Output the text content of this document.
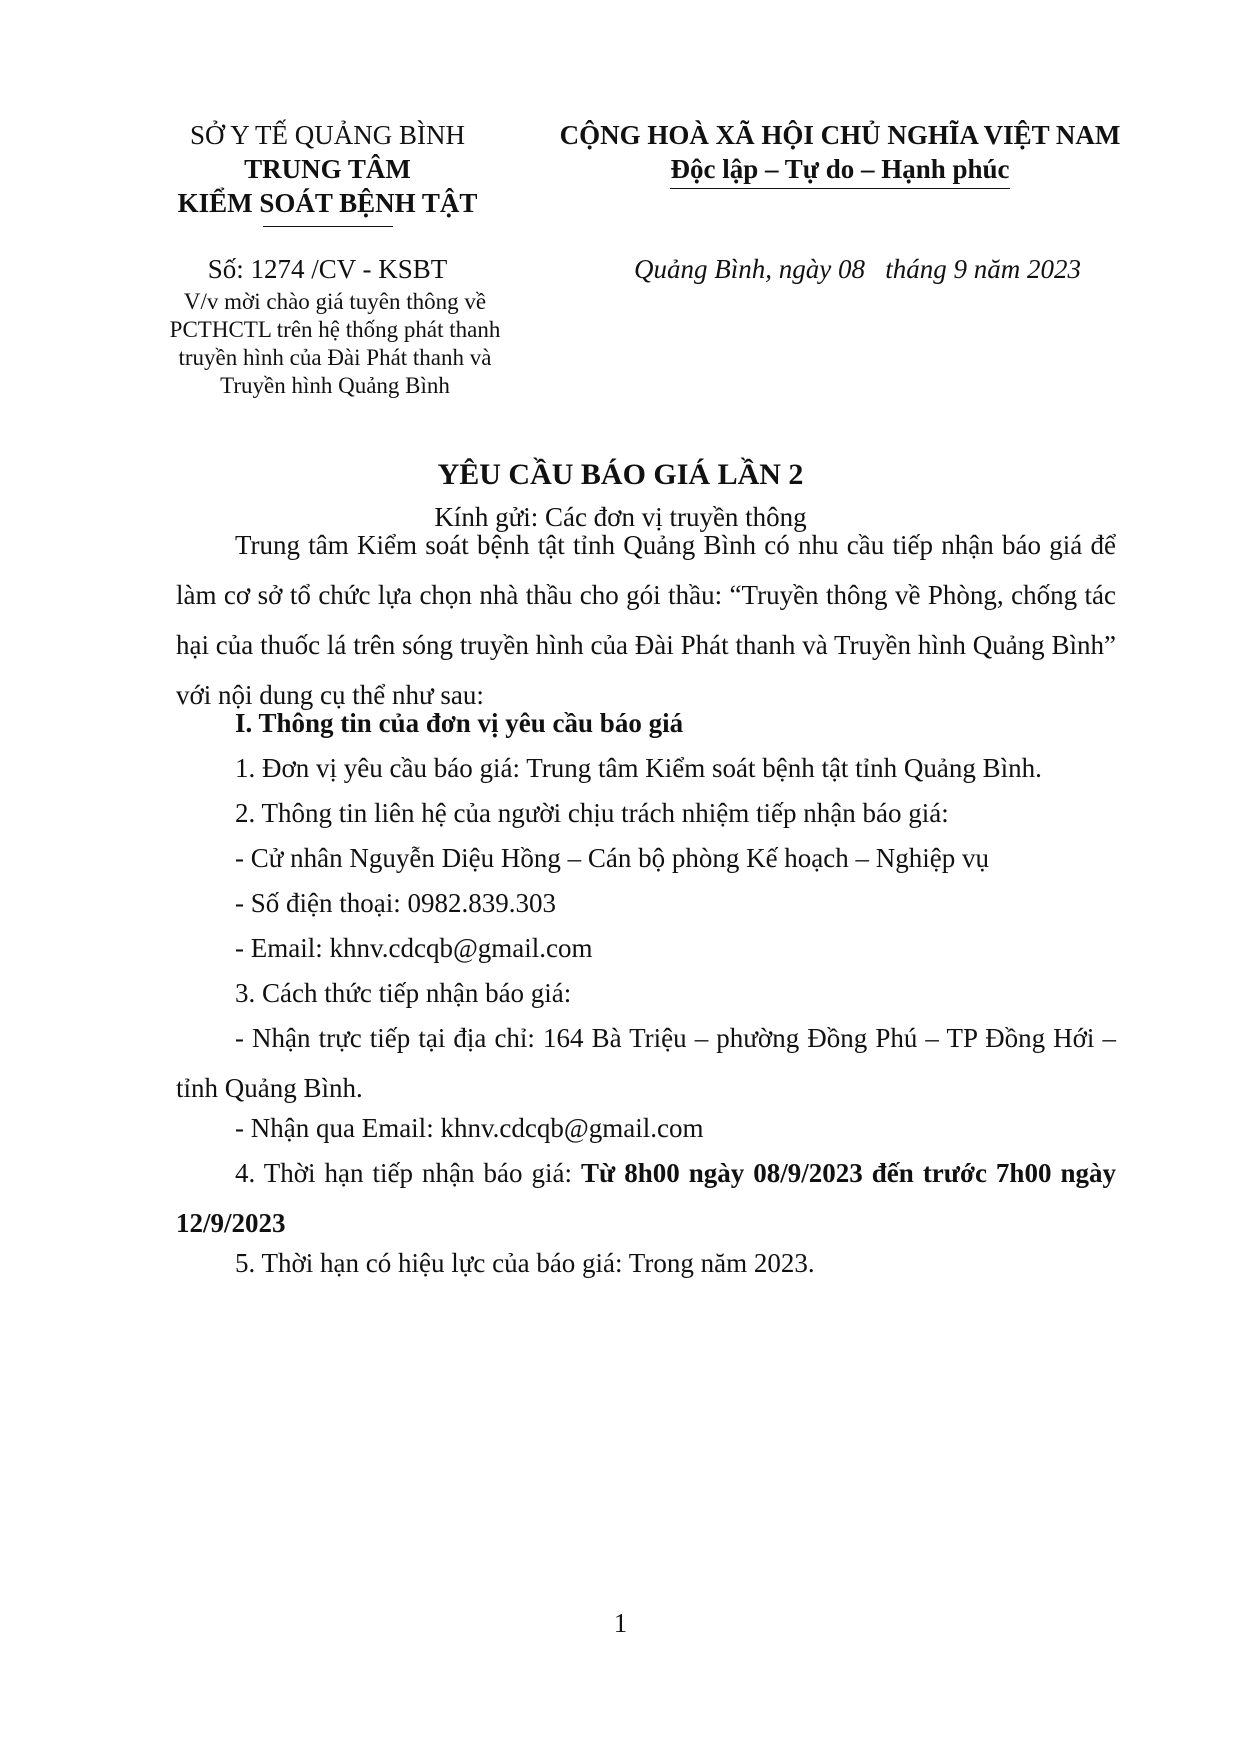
SỞ Y TẾ QUẢNG BÌNH
TRUNG TÂM
KIỂM SOÁT BỆNH TẬT
CỘNG HOÀ XÃ HỘI CHỦ NGHĨA VIỆT NAM
Độc lập – Tự do – Hạnh phúc
Số: 1274 /CV - KSBT
V/v mời chào giá tuyên thông về
PCTHCTL trên hệ thống phát thanh
truyền hình của Đài Phát thanh và
Truyền hình Quảng Bình
Quảng Bình, ngày 08   tháng 9 năm 2023
YÊU CẦU BÁO GIÁ LẦN 2
Kính gửi: Các đơn vị truyền thông
Trung tâm Kiểm soát bệnh tật tỉnh Quảng Bình có nhu cầu tiếp nhận báo giá để làm cơ sở tổ chức lựa chọn nhà thầu cho gói thầu: “Truyền thông về Phòng, chống tác hại của thuốc lá trên sóng truyền hình của Đài Phát thanh và Truyền hình Quảng Bình” với nội dung cụ thể như sau:
I. Thông tin của đơn vị yêu cầu báo giá
1. Đơn vị yêu cầu báo giá: Trung tâm Kiểm soát bệnh tật tỉnh Quảng Bình.
2. Thông tin liên hệ của người chịu trách nhiệm tiếp nhận báo giá:
- Cử nhân Nguyễn Diệu Hồng – Cán bộ phòng Kế hoạch – Nghiệp vụ
- Số điện thoại: 0982.839.303
- Email: khnv.cdcqb@gmail.com
3. Cách thức tiếp nhận báo giá:
- Nhận trực tiếp tại địa chỉ: 164 Bà Triệu – phường Đồng Phú – TP Đồng Hới – tỉnh Quảng Bình.
- Nhận qua Email: khnv.cdcqb@gmail.com
4. Thời hạn tiếp nhận báo giá: Từ 8h00 ngày 08/9/2023 đến trước 7h00 ngày 12/9/2023
5. Thời hạn có hiệu lực của báo giá: Trong năm 2023.
1
